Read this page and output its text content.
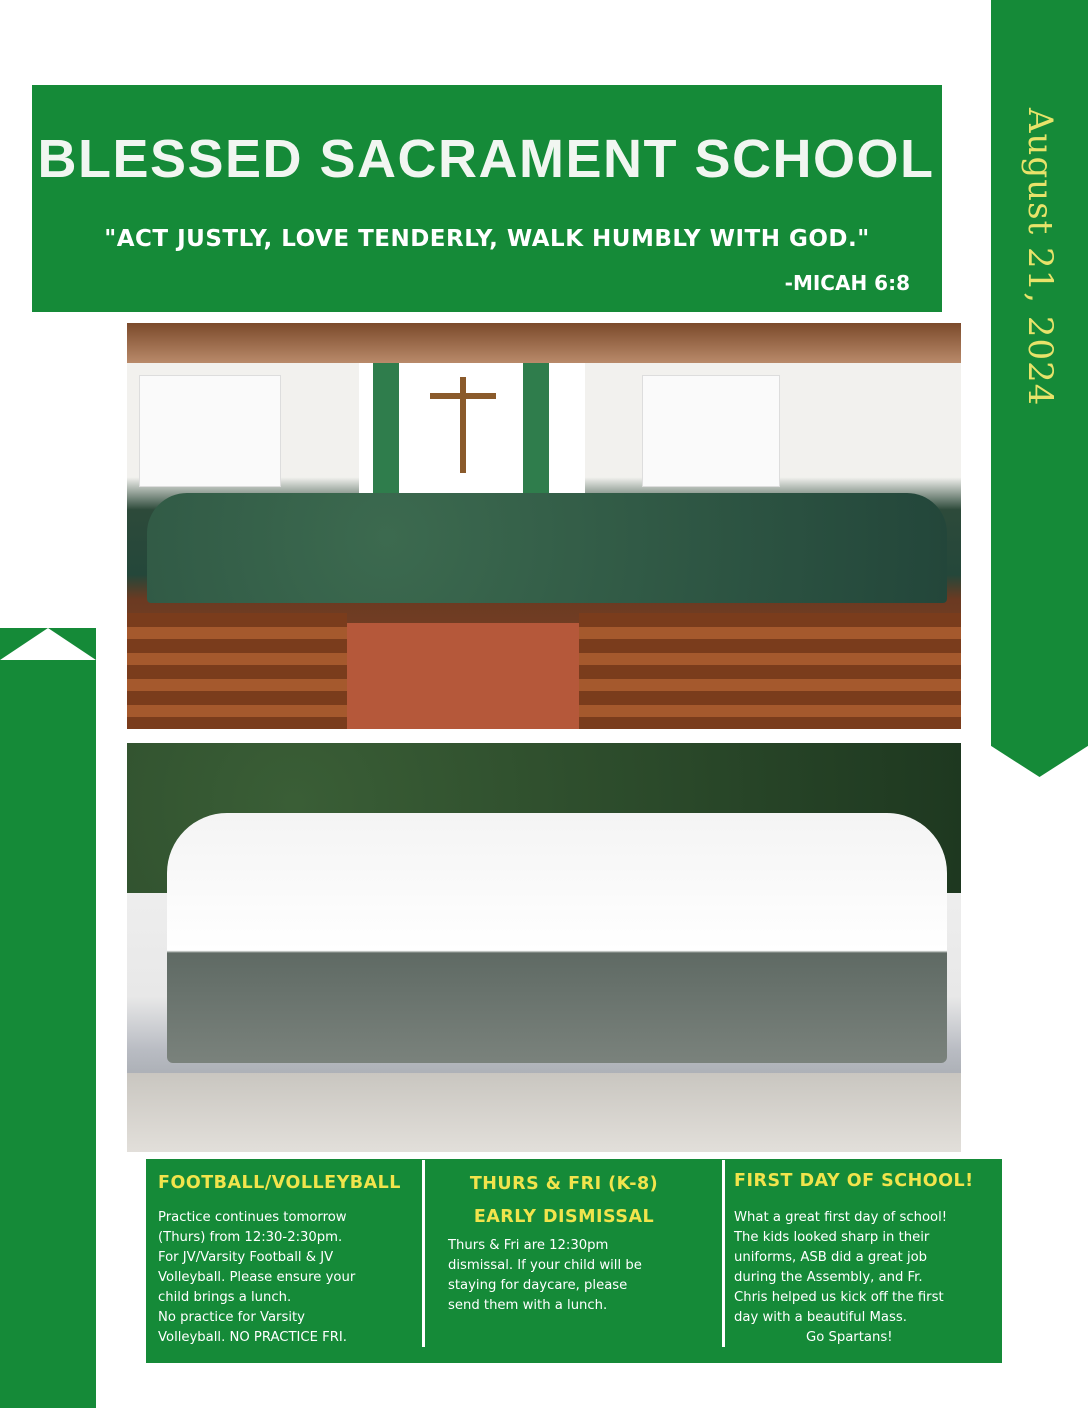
August 21, 2024
BLESSED SACRAMENT SCHOOL
"ACT JUSTLY, LOVE TENDERLY, WALK HUMBLY WITH GOD."
-MICAH 6:8
FOOTBALL/VOLLEYBALL

Practice continues tomorrow

(Thurs) from 12:30-2:30pm.

For JV/Varsity Football & JV

Volleyball. Please ensure your

child brings a lunch.

No practice for Varsity

Volleyball. NO PRACTICE FRI.

THURS & FRI (K-8)
EARLY DISMISSAL

Thurs & Fri are 12:30pm

dismissal. If your child will be

staying for daycare, please

send them with a lunch.

FIRST DAY OF SCHOOL!
What a great first day of school!
The kids looked sharp in their
uniforms, ASB did a great job
during the Assembly, and Fr.
Chris helped us kick off the first
day with a beautiful Mass.
Go Spartans!
